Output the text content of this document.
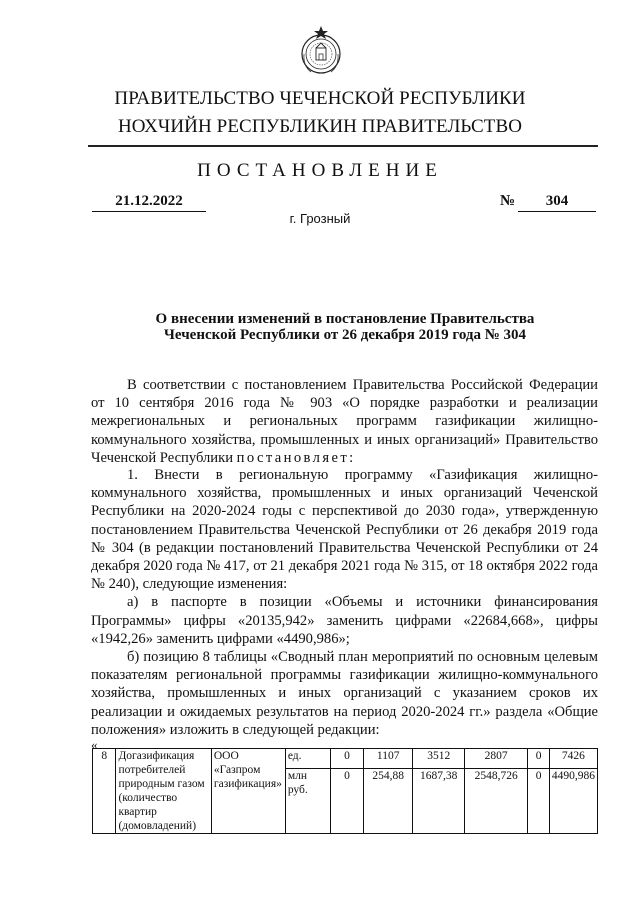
ПРАВИТЕЛЬСТВО ЧЕЧЕНСКОЙ РЕСПУБЛИКИ
НОХЧИЙН РЕСПУБЛИКИН ПРАВИТЕЛЬСТВО
ПОСТАНОВЛЕНИЕ
21.12.2022	№	304
г. Грозный
О внесении изменений в постановление Правительства
Чеченской Республики от 26 декабря 2019 года № 304

В соответствии с постановлением Правительства Российской Федерации от 10 сентября 2016 года № 903 «О порядке разработки и реализации межрегиональных и региональных программ газификации жилищно-коммунального хозяйства, промышленных и иных организаций» Правительство Чеченской Республики постановляет:

1. Внести в региональную программу «Газификация жилищно-коммунального хозяйства, промышленных и иных организаций Чеченской Республики на 2020-2024 годы с перспективой до 2030 года», утвержденную постановлением Правительства Чеченской Республики от 26 декабря 2019 года № 304 (в редакции постановлений Правительства Чеченской Республики от 24 декабря 2020 года № 417, от 21 декабря 2021 года № 315, от 18 октября 2022 года № 240), следующие изменения:

а) в паспорте в позиции «Объемы и источники финансирования Программы» цифры «20135,942» заменить цифрами «22684,668», цифры «1942,26» заменить цифрами «4490,986»;

б) позицию 8 таблицы «Сводный план мероприятий по основным целевым показателям региональной программы газификации жилищно-коммунального хозяйства, промышленных и иных организаций с указанием сроков их реализации и ожидаемых результатов на период 2020-2024 гг.» раздела «Общие положения» изложить в следующей редакции:

«
8	Догазификация потребителей природным газом (количество квартир (домовладений)	ООО «Газпром газификация»	ед.	0	1107	3512	2807	0	7426
			млн руб.	0	254,88	1687,38	2548,726	0	4490,986
